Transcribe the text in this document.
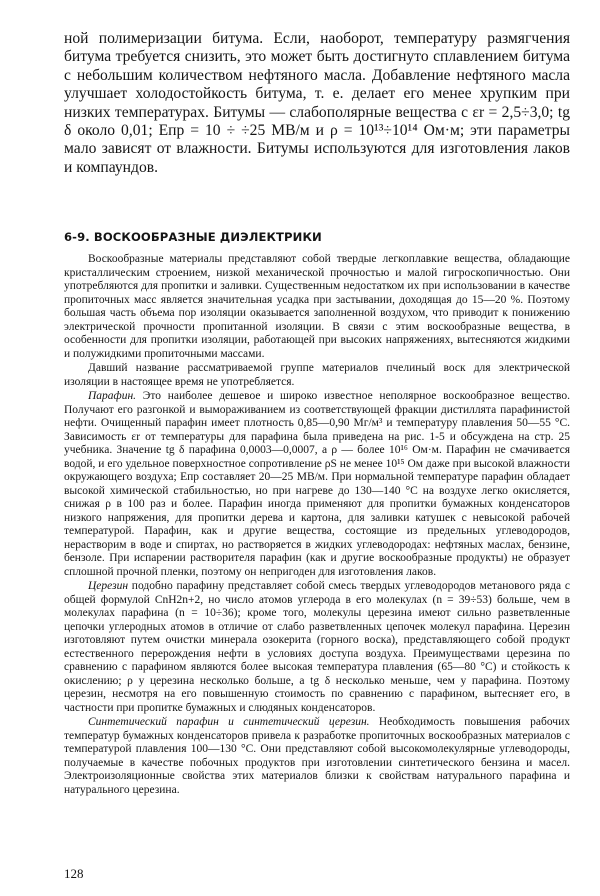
ной полимеризации битума. Если, наоборот, температуру размягчения битума требуется снизить, это может быть достигнуто сплавлением битума с небольшим количеством нефтяного масла. Добавление нефтяного масла улучшает холодостойкость битума, т. е. делает его менее хрупким при низких температурах. Битумы — слабополярные вещества с εr = 2,5÷3,0; tg δ около 0,01; Eпр = 10 ÷ ÷25 МВ/м и ρ = 10¹³÷10¹⁴ Ом·м; эти параметры мало зависят от влажности. Битумы используются для изготовления лаков и компаундов.
6-9. ВОСКООБРАЗНЫЕ ДИЭЛЕКТРИКИ

Воскообразные материалы представляют собой твердые легкоплавкие вещества, обладающие кристаллическим строением, низкой механической прочностью и малой гигроскопичностью. Они употребляются для пропитки и заливки. Существенным недостатком их при использовании в качестве пропиточных масс является значительная усадка при застывании, доходящая до 15—20 %. Поэтому большая часть объема пор изоляции оказывается заполненной воздухом, что приводит к понижению электрической прочности пропитанной изоляции. В связи с этим воскообразные вещества, в особенности для пропитки изоляции, работающей при высоких напряжениях, вытесняются жидкими и полужидкими пропиточными массами.

Давший название рассматриваемой группе материалов пчелиный воск для электрической изоляции в настоящее время не употребляется.

Парафин. Это наиболее дешевое и широко известное неполярное воскообразное вещество. Получают его разгонкой и вымораживанием из соответствующей фракции дистиллята парафинистой нефти. Очищенный парафин имеет плотность 0,85—0,90 Мг/м³ и температуру плавления 50—55 °C. Зависимость εr от температуры для парафина была приведена на рис. 1-5 и обсуждена на стр. 25 учебника. Значение tg δ парафина 0,0003—0,0007, а ρ — более 10¹⁶ Ом·м. Парафин не смачивается водой, и его удельное поверхностное сопротивление ρS не менее 10¹⁵ Ом даже при высокой влажности окружающего воздуха; Eпр составляет 20—25 МВ/м. При нормальной температуре парафин обладает высокой химической стабильностью, но при нагреве до 130—140 °C на воздухе легко окисляется, снижая ρ в 100 раз и более. Парафин иногда применяют для пропитки бумажных конденсаторов низкого напряжения, для пропитки дерева и картона, для заливки катушек с невысокой рабочей температурой. Парафин, как и другие вещества, состоящие из предельных углеводородов, нерастворим в воде и спиртах, но растворяется в жидких углеводородах: нефтяных маслах, бензине, бензоле. При испарении растворителя парафин (как и другие воскообразные продукты) не образует сплошной прочной пленки, поэтому он непригоден для изготовления лаков.

Церезин подобно парафину представляет собой смесь твердых углеводородов метанового ряда с общей формулой CnH2n+2, но число атомов углерода в его молекулах (n = 39÷53) больше, чем в молекулах парафина (n = 10÷36); кроме того, молекулы церезина имеют сильно разветвленные цепочки углеродных атомов в отличие от слабо разветвленных цепочек молекул парафина. Церезин изготовляют путем очистки минерала озокерита (горного воска), представляющего собой продукт естественного перерождения нефти в условиях доступа воздуха. Преимуществами церезина по сравнению с парафином являются более высокая температура плавления (65—80 °C) и стойкость к окислению; ρ у церезина несколько больше, а tg δ несколько меньше, чем у парафина. Поэтому церезин, несмотря на его повышенную стоимость по сравнению с парафином, вытесняет его, в частности при пропитке бумажных и слюдяных конденсаторов.

Синтетический парафин и синтетический церезин. Необходимость повышения рабочих температур бумажных конденсаторов привела к разработке пропиточных воскообразных материалов с температурой плавления 100—130 °C. Они представляют собой высокомолекулярные углеводороды, получаемые в качестве побочных продуктов при изготовлении синтетического бензина и масел. Электроизоляционные свойства этих материалов близки к свойствам натурального парафина и натурального церезина.

128
